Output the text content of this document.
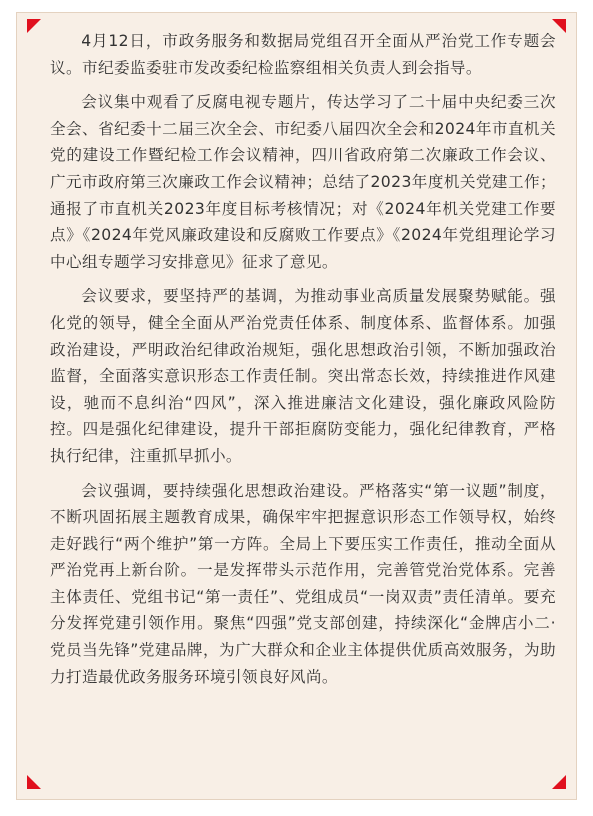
4月12日，市政务服务和数据局党组召开全面从严治党工作专题会议。市纪委监委驻市发改委纪检监察组相关负责人到会指导。

会议集中观看了反腐电视专题片，传达学习了二十届中央纪委三次全会、省纪委十二届三次全会、市纪委八届四次全会和2024年市直机关党的建设工作暨纪检工作会议精神，四川省政府第二次廉政工作会议、广元市政府第三次廉政工作会议精神；总结了2023年度机关党建工作；通报了市直机关2023年度目标考核情况；对《2024年机关党建工作要点》《2024年党风廉政建设和反腐败工作要点》《2024年党组理论学习中心组专题学习安排意见》征求了意见。

会议要求，要坚持严的基调，为推动事业高质量发展聚势赋能。强化党的领导，健全全面从严治党责任体系、制度体系、监督体系。加强政治建设，严明政治纪律政治规矩，强化思想政治引领，不断加强政治监督，全面落实意识形态工作责任制。突出常态长效，持续推进作风建设，驰而不息纠治“四风”，深入推进廉洁文化建设，强化廉政风险防控。四是强化纪律建设，提升干部拒腐防变能力，强化纪律教育，严格执行纪律，注重抓早抓小。

会议强调，要持续强化思想政治建设。严格落实“第一议题”制度，不断巩固拓展主题教育成果，确保牢牢把握意识形态工作领导权，始终走好践行“两个维护”第一方阵。全局上下要压实工作责任，推动全面从严治党再上新台阶。一是发挥带头示范作用，完善管党治党体系。完善主体责任、党组书记“第一责任”、党组成员“一岗双责”责任清单。要充分发挥党建引领作用。聚焦“四强”党支部创建，持续深化“金牌店小二·党员当先锋”党建品牌，为广大群众和企业主体提供优质高效服务，为助力打造最优政务服务环境引领良好风尚。
